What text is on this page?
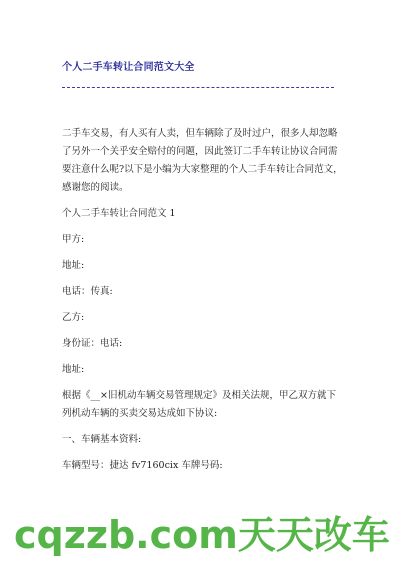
个人二手车转让合同范文大全

二手车交易，有人买有人卖，但车辆除了及时过户，很多人却忽略了另外一个关乎安全赔付的问题，因此签订二手车转让协议合同需要注意什么呢?以下是小编为大家整理的个人二手车转让合同范文，感谢您的阅读。

个人二手车转让合同范文 1

甲方:

地址:

电话：传真:

乙方:

身份证：电话:

地址:

根据《__×旧机动车辆交易管理规定》及相关法规，甲乙双方就下列机动车辆的买卖交易达成如下协议:

一、车辆基本资料:

车辆型号：捷达 fv7160cix 车牌号码:

cqzzb.com天天改车
